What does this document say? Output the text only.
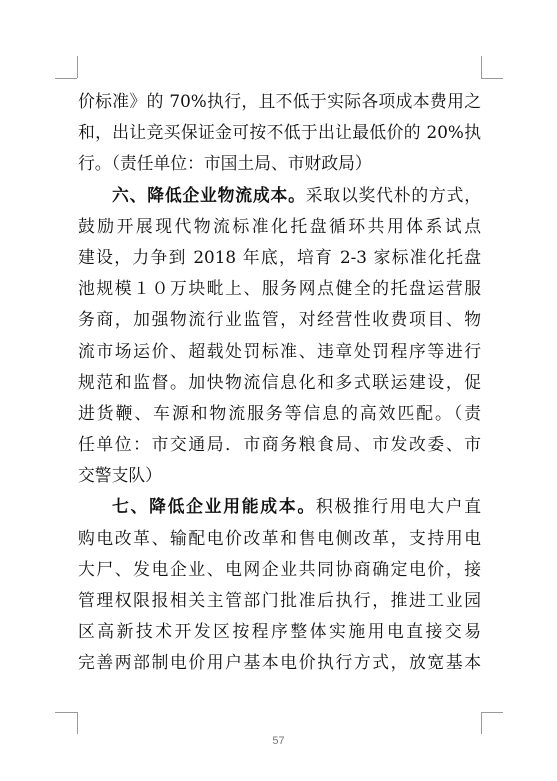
价标准》的 70%执行，且不低于实际各项成本费用之
和，出让竞买保证金可按不低于出让最低价的 20%执
行。（责任单位：市国土局、市财政局）
六、降低企业物流成本。采取以奖代朴的方式，
鼓励开展现代物流标准化托盘循环共用体系试点
建设，力争到 2018 年底，培育 2-3 家标准化托盘
池规模１０万块毗上、服务网点健全的托盘运营服
务商，加强物流行业监管，对经营性收费项目、物
流市场运价、超载处罚标准、违章处罚程序等进行
规范和监督。加快物流信息化和多式联运建设，促
进货鞭、车源和物流服务等信息的高效匹配。（责
任单位：市交通局．市商务粮食局、市发改委、市
交警支队）
七、降低企业用能成本。积极推行用电大户直
购电改革、输配电价改革和售电侧改革，支持用电
大尸、发电企业、电网企业共同协商确定电价，接
管理权限报相关主管部门批准后执行，推进工业园
区高新技术开发区按程序整体实施用电直接交易
完善两部制电价用户基本电价执行方式，放宽基本
57
